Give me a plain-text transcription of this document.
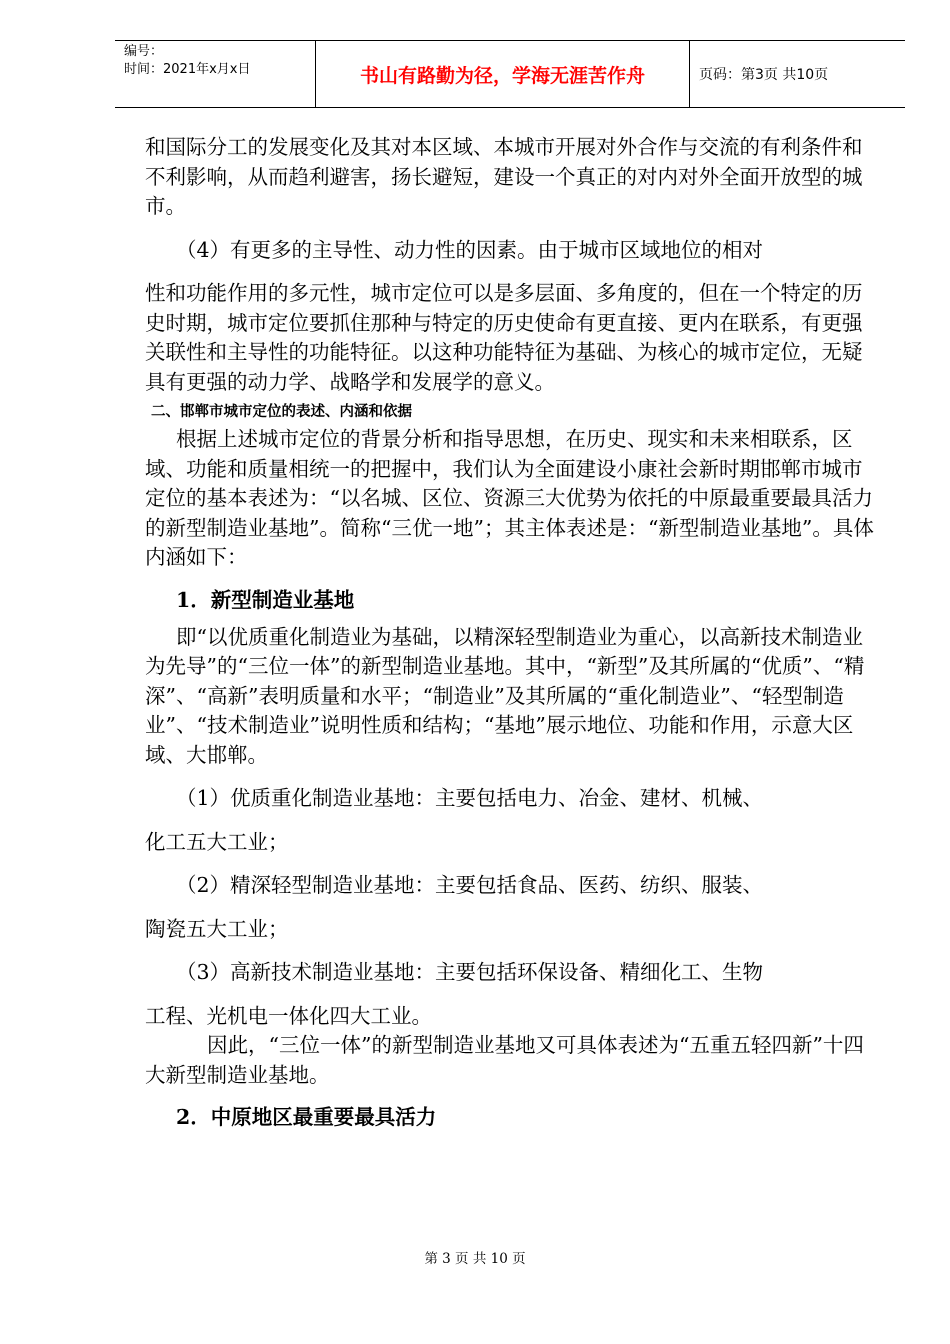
编号：
时间：2021年x月x日	书山有路勤为径，学海无涯苦作舟	页码：第3页 共10页

和国际分工的发展变化及其对本区域、本城市开展对外合作与交流的有利条件和不利影响，从而趋利避害，扬长避短，建设一个真正的对内对外全面开放型的城市。

（4）有更多的主导性、动力性的因素。由于城市区域地位的相对

性和功能作用的多元性，城市定位可以是多层面、多角度的，但在一个特定的历史时期，城市定位要抓住那种与特定的历史使命有更直接、更内在联系，有更强关联性和主导性的功能特征。以这种功能特征为基础、为核心的城市定位，无疑具有更强的动力学、战略学和发展学的意义。

二、邯郸市城市定位的表述、内涵和依据

根据上述城市定位的背景分析和指导思想，在历史、现实和未来相联系，区域、功能和质量相统一的把握中，我们认为全面建设小康社会新时期邯郸市城市定位的基本表述为：“以名城、区位、资源三大优势为依托的中原最重要最具活力的新型制造业基地”。简称“三优一地”；其主体表述是：“新型制造业基地”。具体内涵如下：

1．新型制造业基地

即“以优质重化制造业为基础，以精深轻型制造业为重心，以高新技术制造业为先导”的“三位一体”的新型制造业基地。其中，“新型”及其所属的“优质”、“精深”、“高新”表明质量和水平；“制造业”及其所属的“重化制造业”、“轻型制造业”、“技术制造业”说明性质和结构；“基地”展示地位、功能和作用，示意大区域、大邯郸。

（1）优质重化制造业基地：主要包括电力、冶金、建材、机械、

化工五大工业；

（2）精深轻型制造业基地：主要包括食品、医药、纺织、服装、

陶瓷五大工业；

（3）高新技术制造业基地：主要包括环保设备、精细化工、生物

工程、光机电一体化四大工业。

因此，“三位一体”的新型制造业基地又可具体表述为“五重五轻四新”十四大新型制造业基地。

2．中原地区最重要最具活力

第 3 页 共 10 页
